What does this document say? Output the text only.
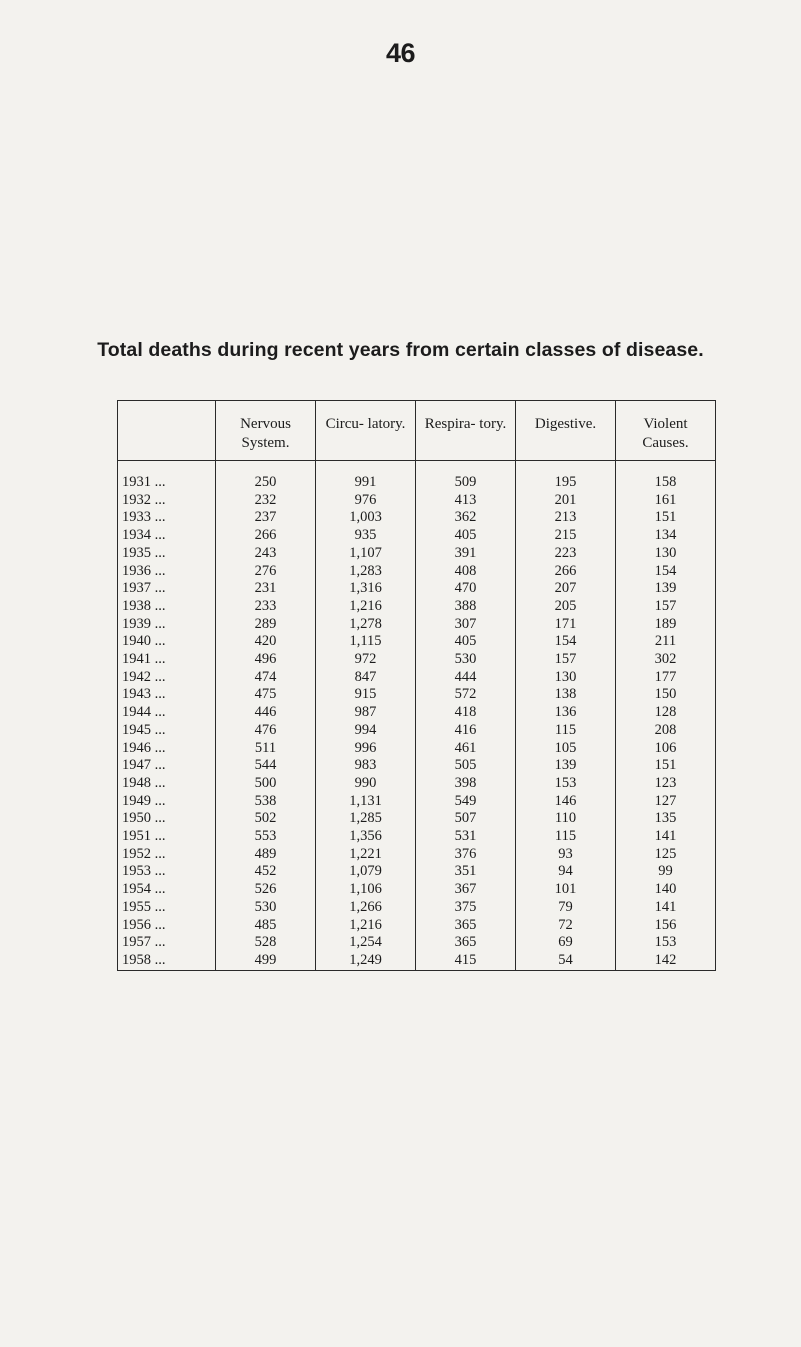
46
Total deaths during recent years from certain classes of disease.
	Nervous System.	Circu- latory.	Respira- tory.	Digestive.	Violent Causes.
1931 ...	250	991	509	195	158
1932 ...	232	976	413	201	161
1933 ...	237	1,003	362	213	151
1934 ...	266	935	405	215	134
1935 ...	243	1,107	391	223	130
1936 ...	276	1,283	408	266	154
1937 ...	231	1,316	470	207	139
1938 ...	233	1,216	388	205	157
1939 ...	289	1,278	307	171	189
1940 ...	420	1,115	405	154	211
1941 ...	496	972	530	157	302
1942 ...	474	847	444	130	177
1943 ...	475	915	572	138	150
1944 ...	446	987	418	136	128
1945 ...	476	994	416	115	208
1946 ...	511	996	461	105	106
1947 ...	544	983	505	139	151
1948 ...	500	990	398	153	123
1949 ...	538	1,131	549	146	127
1950 ...	502	1,285	507	110	135
1951 ...	553	1,356	531	115	141
1952 ...	489	1,221	376	93	125
1953 ...	452	1,079	351	94	99
1954 ...	526	1,106	367	101	140
1955 ...	530	1,266	375	79	141
1956 ...	485	1,216	365	72	156
1957 ...	528	1,254	365	69	153
1958 ...	499	1,249	415	54	142
